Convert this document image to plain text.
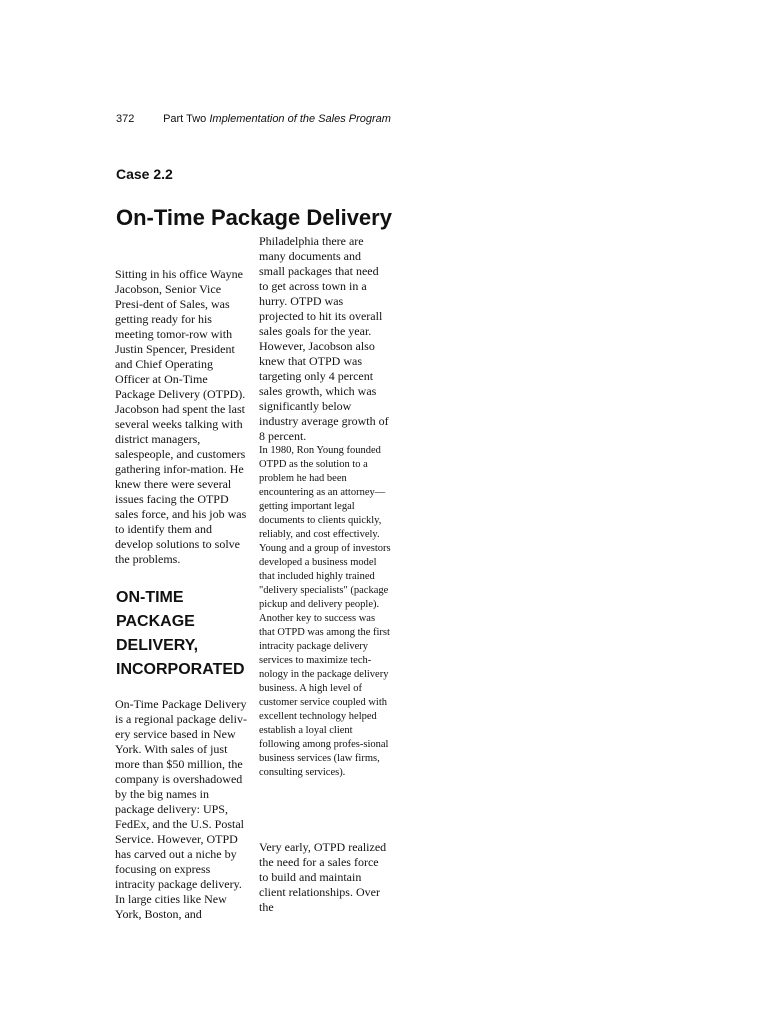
372	Part Two Implementation of the Sales Program
Case 2.2
On-Time Package Delivery

Sitting in his office Wayne Jacobson, Senior Vice Presi-dent of Sales, was getting ready for his meeting tomor-row with Justin Spencer, President and Chief Operating Officer at On-Time Package Delivery (OTPD). Jacobson had spent the last several weeks talking with district managers, salespeople, and customers gathering infor-mation. He knew there were several issues facing the OTPD sales force, and his job was to identify them and develop solutions to solve the problems.

ON-TIME PACKAGE DELIVERY, INCORPORATED

On-Time Package Delivery is a regional package deliv-ery service based in New York. With sales of just more than $50 million, the company is overshadowed by the big names in package delivery: UPS, FedEx, and the U.S. Postal Service. However, OTPD has carved out a niche by focusing on express intracity package delivery. In large cities like New York, Boston, and

Philadelphia there are many documents and small packages that need to get across town in a hurry. OTPD was projected to hit its overall sales goals for the year. However, Jacobson also knew that OTPD was targeting only 4 percent sales growth, which was significantly below industry average growth of 8 percent.

In 1980, Ron Young founded OTPD as the solution to a problem he had been encountering as an attorney—getting important legal documents to clients quickly, reliably, and cost effectively. Young and a group of investors developed a business model that included highly trained "delivery specialists" (package pickup and delivery people). Another key to success was that OTPD was among the first intracity package delivery services to maximize tech-nology in the package delivery business. A high level of customer service coupled with excellent technology helped establish a loyal client following among profes-sional business services (law firms, consulting services).

Very early, OTPD realized the need for a sales force to build and maintain client relationships. Over the
